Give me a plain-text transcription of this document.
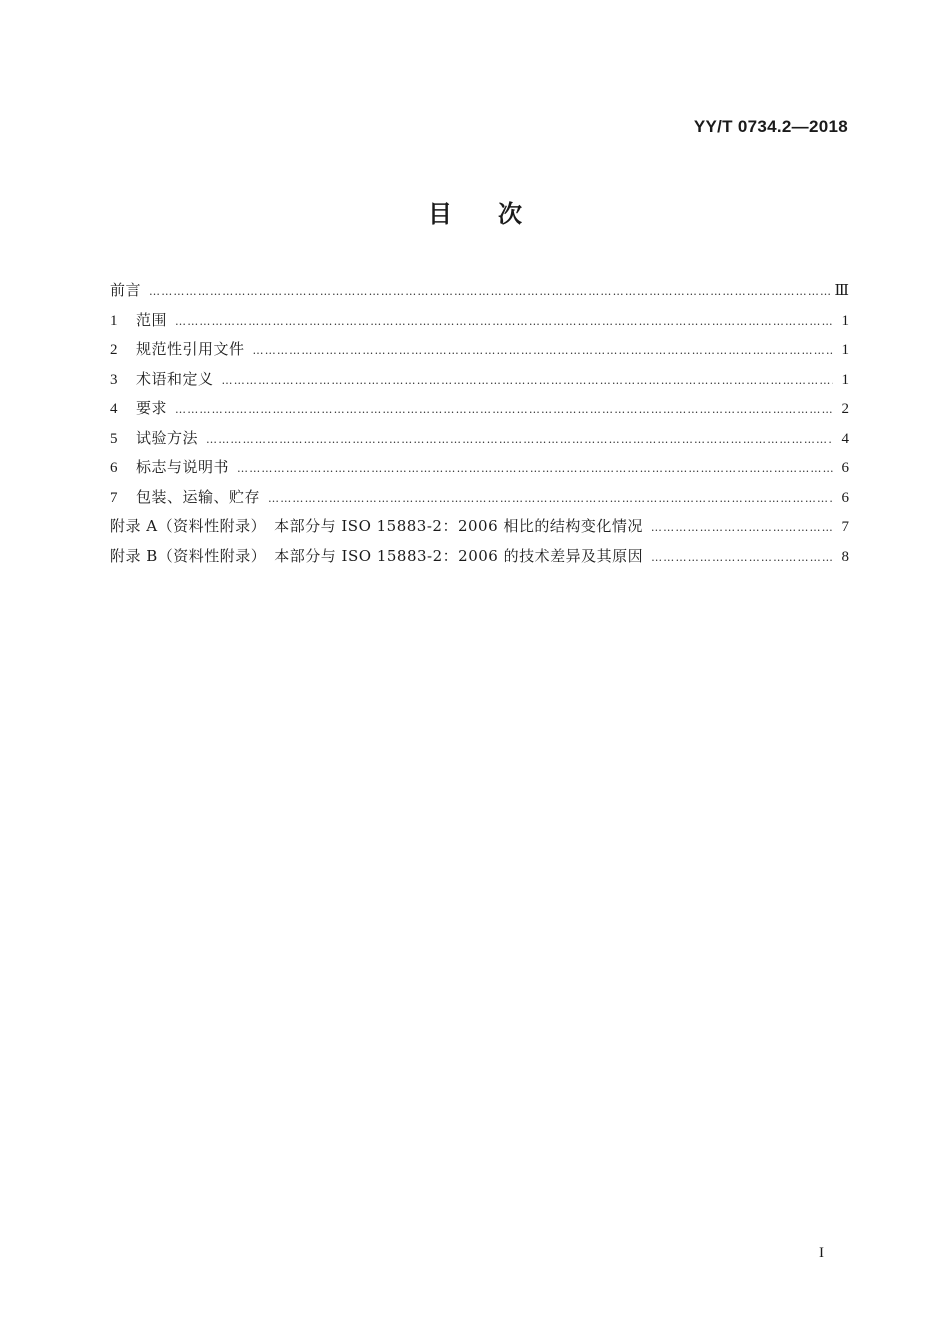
YY/T 0734.2—2018
目次
前言 …………………………………………………………………………………………………………………………………………………………………………………………………………	Ⅲ
1	范围 …………………………………………………………………………………………………………………………………………………………………………………………………………	1
2	规范性引用文件 …………………………………………………………………………………………………………………………………………………………………………………………………………	1
3	术语和定义 …………………………………………………………………………………………………………………………………………………………………………………………………………	1
4	要求 …………………………………………………………………………………………………………………………………………………………………………………………………………	2
5	试验方法 …………………………………………………………………………………………………………………………………………………………………………………………………………	4
6	标志与说明书 …………………………………………………………………………………………………………………………………………………………………………………………………………	6
7	包装、运输、贮存 …………………………………………………………………………………………………………………………………………………………………………………………………………	6
附录 A（资料性附录）　本部分与 ISO 15883-2：2006 相比的结构变化情况 …………………………………………………………………………………………………………………………………………………………………………………………………………	7
附录 B（资料性附录）　本部分与 ISO 15883-2：2006 的技术差异及其原因 …………………………………………………………………………………………………………………………………………………………………………………………………………	8
I
